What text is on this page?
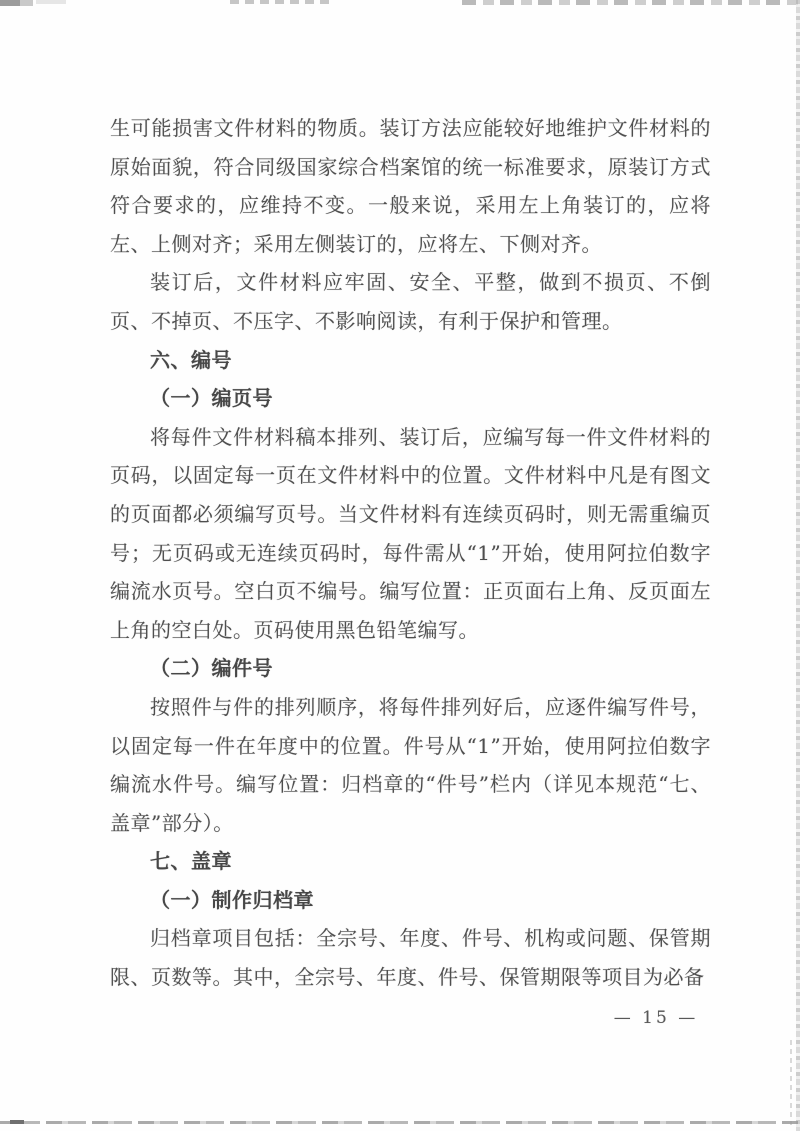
生可能损害文件材料的物质。装订方法应能较好地维护文件材料的原始面貌，符合同级国家综合档案馆的统一标准要求，原装订方式符合要求的，应维持不变。一般来说，采用左上角装订的，应将左、上侧对齐；采用左侧装订的，应将左、下侧对齐。

装订后，文件材料应牢固、安全、平整，做到不损页、不倒页、不掉页、不压字、不影响阅读，有利于保护和管理。

六、编号
（一）编页号

将每件文件材料稿本排列、装订后，应编写每一件文件材料的页码，以固定每一页在文件材料中的位置。文件材料中凡是有图文的页面都必须编写页号。当文件材料有连续页码时，则无需重编页号；无页码或无连续页码时，每件需从“1”开始，使用阿拉伯数字编流水页号。空白页不编号。编写位置：正页面右上角、反页面左上角的空白处。页码使用黑色铅笔编写。

（二）编件号

按照件与件的排列顺序，将每件排列好后，应逐件编写件号，以固定每一件在年度中的位置。件号从“1”开始，使用阿拉伯数字编流水件号。编写位置：归档章的“件号”栏内（详见本规范“七、盖章”部分）。

七、盖章
（一）制作归档章

归档章项目包括：全宗号、年度、件号、机构或问题、保管期限、页数等。其中，全宗号、年度、件号、保管期限等项目为必备

— 15 —
